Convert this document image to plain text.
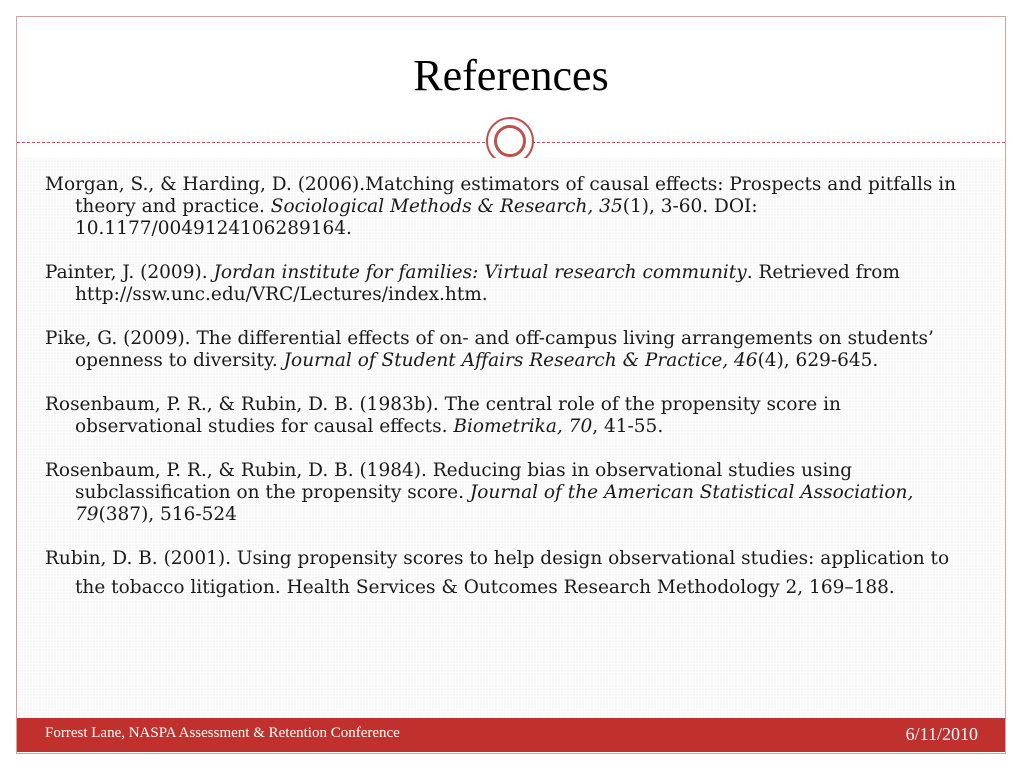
References
Morgan, S., & Harding, D. (2006).Matching estimators of causal effects: Prospects and pitfalls in theory and practice. Sociological Methods & Research, 35(1), 3-60. DOI: 10.1177/0049124106289164.
Painter, J. (2009). Jordan institute for families: Virtual research community. Retrieved from http://ssw.unc.edu/VRC/Lectures/index.htm.
Pike, G. (2009). The differential effects of on- and off-campus living arrangements on students’ openness to diversity. Journal of Student Affairs Research & Practice, 46(4), 629-645.
Rosenbaum, P. R., & Rubin, D. B. (1983b). The central role of the propensity score in observational studies for causal effects. Biometrika, 70, 41-55.
Rosenbaum, P. R., & Rubin, D. B. (1984). Reducing bias in observational studies using subclassification on the propensity score. Journal of the American Statistical Association, 79(387), 516-524
Rubin, D. B. (2001). Using propensity scores to help design observational studies: application to the tobacco litigation. Health Services & Outcomes Research Methodology 2, 169–188.
Forrest Lane, NASPA Assessment & Retention Conference	6/11/2010
